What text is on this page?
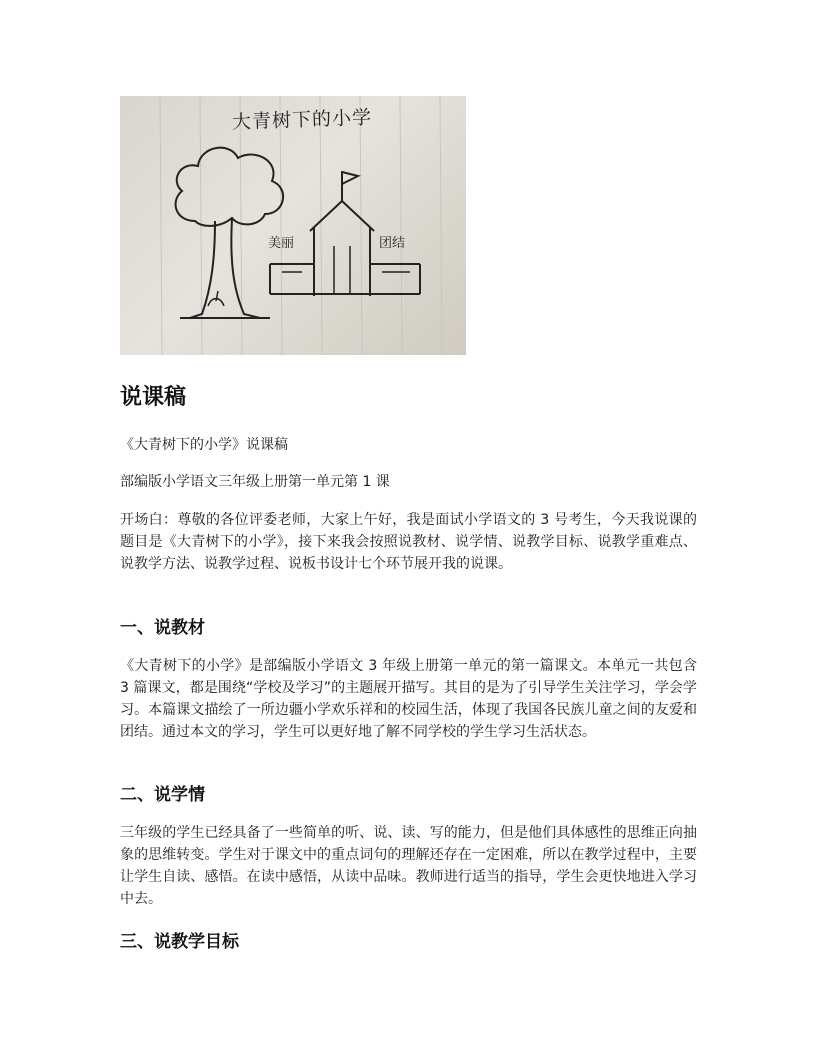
大青树下的小学
美丽	团结
说课稿
《大青树下的小学》说课稿
部编版小学语文三年级上册第一单元第 1 课
开场白：尊敬的各位评委老师，大家上午好，我是面试小学语文的 3 号考生，今天我说课的题目是《大青树下的小学》，接下来我会按照说教材、说学情、说教学目标、说教学重难点、说教学方法、说教学过程、说板书设计七个环节展开我的说课。
一、说教材
《大青树下的小学》是部编版小学语文 3 年级上册第一单元的第一篇课文。本单元一共包含 3 篇课文，都是围绕“学校及学习”的主题展开描写。其目的是为了引导学生关注学习，学会学习。本篇课文描绘了一所边疆小学欢乐祥和的校园生活，体现了我国各民族儿童之间的友爱和团结。通过本文的学习，学生可以更好地了解不同学校的学生学习生活状态。
二、说学情
三年级的学生已经具备了一些简单的听、说、读、写的能力，但是他们具体感性的思维正向抽象的思维转变。学生对于课文中的重点词句的理解还存在一定困难，所以在教学过程中，主要让学生自读、感悟。在读中感悟，从读中品味。教师进行适当的指导，学生会更快地进入学习中去。
三、说教学目标
